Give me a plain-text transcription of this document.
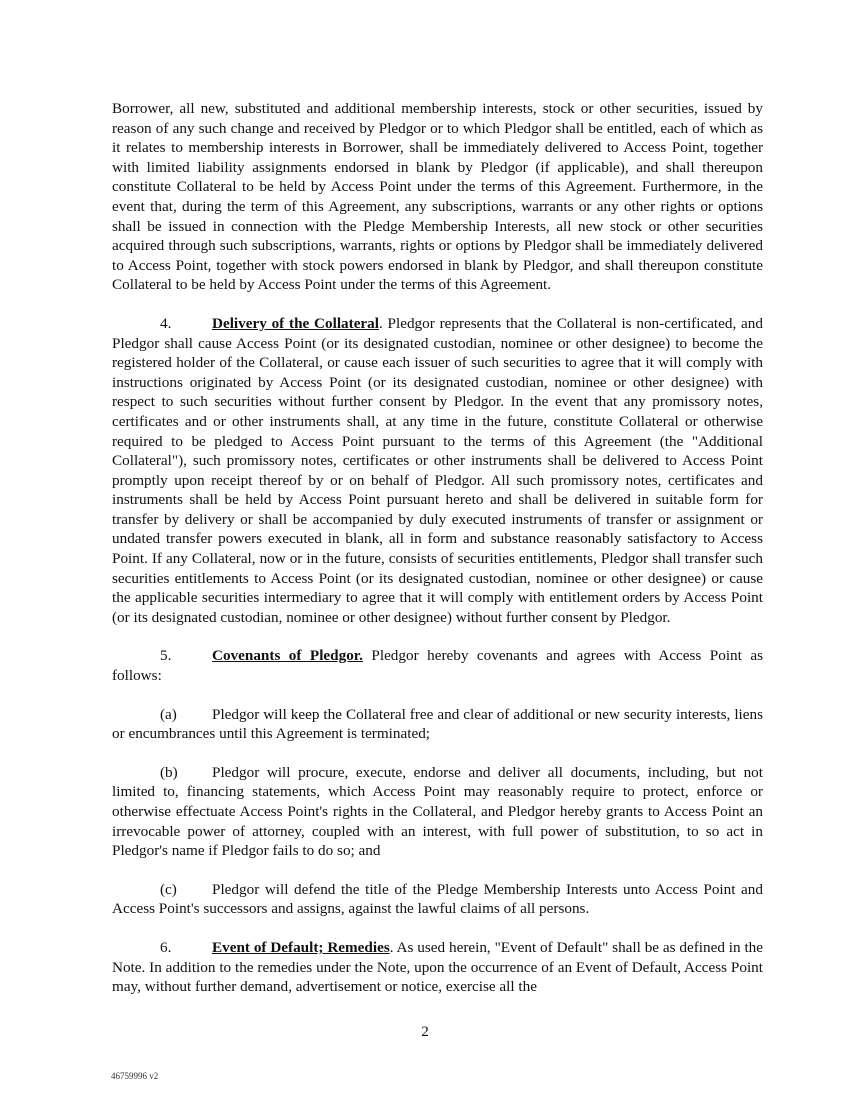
Borrower, all new, substituted and additional membership interests, stock or other securities, issued by reason of any such change and received by Pledgor or to which Pledgor shall be entitled, each of which as it relates to membership interests in Borrower, shall be immediately delivered to Access Point, together with limited liability assignments endorsed in blank by Pledgor (if applicable), and shall thereupon constitute Collateral to be held by Access Point under the terms of this Agreement. Furthermore, in the event that, during the term of this Agreement, any subscriptions, warrants or any other rights or options shall be issued in connection with the Pledge Membership Interests, all new stock or other securities acquired through such subscriptions, warrants, rights or options by Pledgor shall be immediately delivered to Access Point, together with stock powers endorsed in blank by Pledgor, and shall thereupon constitute Collateral to be held by Access Point under the terms of this Agreement.

4.	Delivery of the Collateral. Pledgor represents that the Collateral is non-certificated, and Pledgor shall cause Access Point (or its designated custodian, nominee or other designee) to become the registered holder of the Collateral, or cause each issuer of such securities to agree that it will comply with instructions originated by Access Point (or its designated custodian, nominee or other designee) with respect to such securities without further consent by Pledgor. In the event that any promissory notes, certificates and or other instruments shall, at any time in the future, constitute Collateral or otherwise required to be pledged to Access Point pursuant to the terms of this Agreement (the "Additional Collateral"), such promissory notes, certificates or other instruments shall be delivered to Access Point promptly upon receipt thereof by or on behalf of Pledgor. All such promissory notes, certificates and instruments shall be held by Access Point pursuant hereto and shall be delivered in suitable form for transfer by delivery or shall be accompanied by duly executed instruments of transfer or assignment or undated transfer powers executed in blank, all in form and substance reasonably satisfactory to Access Point. If any Collateral, now or in the future, consists of securities entitlements, Pledgor shall transfer such securities entitlements to Access Point (or its designated custodian, nominee or other designee) or cause the applicable securities intermediary to agree that it will comply with entitlement orders by Access Point (or its designated custodian, nominee or other designee) without further consent by Pledgor.

5.	Covenants of Pledgor. Pledgor hereby covenants and agrees with Access Point as follows:

(a) Pledgor will keep the Collateral free and clear of additional or new security interests, liens or encumbrances until this Agreement is terminated;

(b) Pledgor will procure, execute, endorse and deliver all documents, including, but not limited to, financing statements, which Access Point may reasonably require to protect, enforce or otherwise effectuate Access Point's rights in the Collateral, and Pledgor hereby grants to Access Point an irrevocable power of attorney, coupled with an interest, with full power of substitution, to so act in Pledgor's name if Pledgor fails to do so; and

(c) Pledgor will defend the title of the Pledge Membership Interests unto Access Point and Access Point's successors and assigns, against the lawful claims of all persons.

6.	Event of Default; Remedies. As used herein, "Event of Default" shall be as defined in the Note. In addition to the remedies under the Note, upon the occurrence of an Event of Default, Access Point may, without further demand, advertisement or notice, exercise all the

2
46759996 v2
